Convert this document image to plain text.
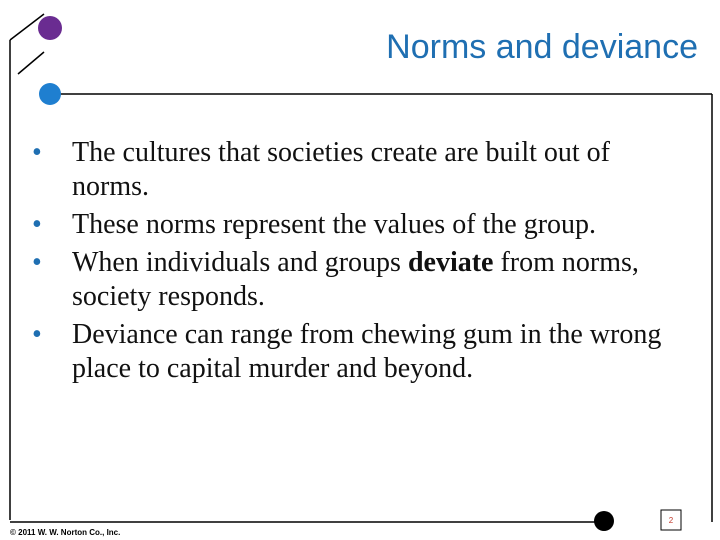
Norms and deviance
• The cultures that societies create are built out of norms.
• These norms represent the values of the group.
• When individuals and groups deviate from norms, society responds.
• Deviance can range from chewing gum in the wrong place to capital murder and beyond.
© 2011 W. W. Norton Co., Inc.
2
